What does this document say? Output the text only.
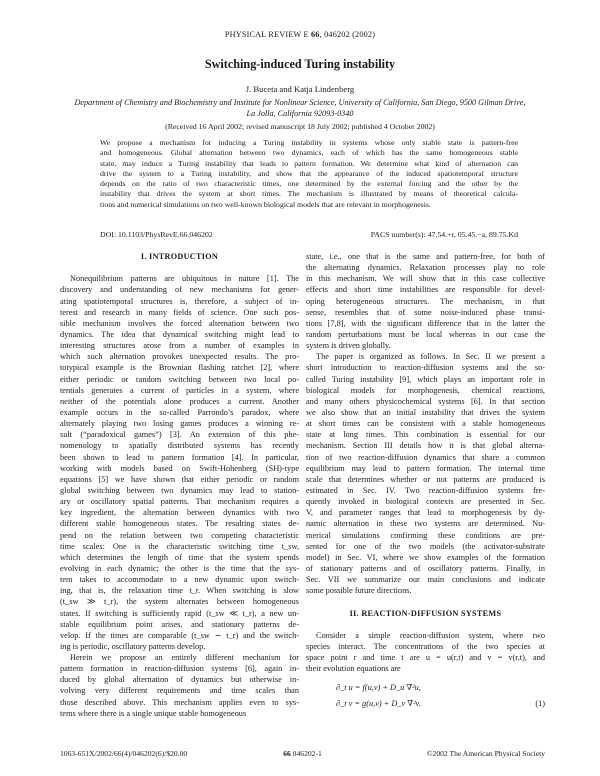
PHYSICAL REVIEW E 66, 046202 (2002)
Switching-induced Turing instability
J. Buceta and Katja Lindenberg
Department of Chemistry and Biochemistry and Institute for Nonlinear Science, University of California, San Diego, 9500 Gilman Drive,
La Jolla, California 92093-0340
(Received 16 April 2002; revised manuscript 18 July 2002; published 4 October 2002)
We propose a mechanism for inducing a Turing instability in systems whose only stable state is pattern-free
and homogeneous. Global alternation between two dynamics, each of which has the same homogeneous stable
state, may induce a Turing instability that leads to pattern formation. We determine what kind of alternation can
drive the system to a Turing instability, and show that the appearance of the induced spatiotemporal structure
depends on the ratio of two characteristic times, one determined by the external forcing and the other by the
instability that drives the system at short times. The mechanism is illustrated by means of theoretical calcula-
tions and numerical simulations on two well-known biological models that are relevant in morphogenesis.
DOI: 10.1103/PhysRevE.66.046202	PACS number(s): 47.54.+r, 05.45.−a, 89.75.Kd
I. INTRODUCTION
Nonequilibrium patterns are ubiquitous in nature [1]. The
discovery and understanding of new mechanisms for gener-
ating spatiotemporal structures is, therefore, a subject of in-
terest and research in many fields of science. One such pos-
sible mechanism involves the forced alternation between two
dynamics. The idea that dynamical switching might lead to
interesting structures arose from a number of examples in
which such alternation provokes unexpected results. The pro-
totypical example is the Brownian flashing ratchet [2], where
either periodic or random switching between two local po-
tentials generates a current of particles in a system, where
neither of the potentials alone produces a current. Another
example occurs in the so-called Parrondo’s paradox, where
alternately playing two losing games produces a winning re-
sult (“paradoxical games”) [3]. An extension of this phe-
nomenology to spatially distributed systems has recently
been shown to lead to pattern formation [4]. In particular,
working with models based on Swift-Hohenberg (SH)-type
equations [5] we have shown that either periodic or random
global switching between two dynamics may lead to station-
ary or oscillatory spatial patterns. That mechanism requires a
key ingredient, the alternation between dynamics with two
different stable homogeneous states. The resulting states de-
pend on the relation between two competing characteristic
time scales: One is the characteristic switching time t_sw,
which determines the length of time that the system spends
evolving in each dynamic; the other is the time that the sys-
tem takes to accommodate to a new dynamic upon switch-
ing, that is, the relaxation time t_r. When switching is slow
(t_sw ≫ t_r), the system alternates between homogeneous
states. If switching is sufficiently rapid (t_sw ≪ t_r), a new un-
stable equilibrium point arises, and stationary patterns de-
velop. If the times are comparable (t_sw ∼ t_r) and the switch-
ing is periodic, oscillatory patterns develop.
Herein we propose an entirely different mechanism for
pattern formation in reaction-diffusion systems [6], again in-
duced by global alternation of dynamics but otherwise in-
volving very different requirements and time scales than
those described above. This mechanism applies even to sys-
tems where there is a single unique stable homogeneous
state, i.e., one that is the same and pattern-free, for both of
the alternating dynamics. Relaxation processes play no role
in this mechanism. We will show that in this case collective
effects and short time instabilities are responsible for devel-
oping heterogeneous structures. The mechanism, in that
sense, resembles that of some noise-induced phase transi-
tions [7,8], with the significant difference that in the latter the
random perturbations must be local whereas in our case the
system is driven globally.
The paper is organized as follows. In Sec. II we present a
short introduction to reaction-diffusion systems and the so-
called Turing instability [9], which plays an important role in
biological models for morphogenesis, chemical reactions,
and many others physicochemical systems [6]. In that section
we also show that an initial instability that drives the system
at short times can be consistent with a stable homogeneous
state at long times. This combination is essential for our
mechanism. Section III details how it is that global alterna-
tion of two reaction-diffusion dynamics that share a common
equilibrium may lead to pattern formation. The internal time
scale that determines whether or not patterns are produced is
estimated in Sec. IV. Two reaction-diffusion systems fre-
quently invoked in biological contexts are presented in Sec.
V, and parameter ranges that lead to morphogenesis by dy-
namic alternation in these two systems are determined. Nu-
merical simulations confirming these conditions are pre-
sented for one of the two models (the activator-substrate
model) in Sec. VI, where we show examples of the formation
of stationary patterns and of oscillatory patterns. Finally, in
Sec. VII we summarize our main conclusions and indicate
some possible future directions.
II. REACTION-DIFFUSION SYSTEMS
Consider a simple reaction-diffusion system, where two
species interact. The concentrations of the two species at
space point r and time t are u = u(r,t) and v = v(r,t), and
their evolution equations are
∂_t u = f(u,v) + D_u ∇²u,
∂_t v = g(u,v) + D_v ∇²v.	(1)
1063-651X/2002/66(4)/046202(6)/$20.00	66 046202-1	©2002 The American Physical Society
